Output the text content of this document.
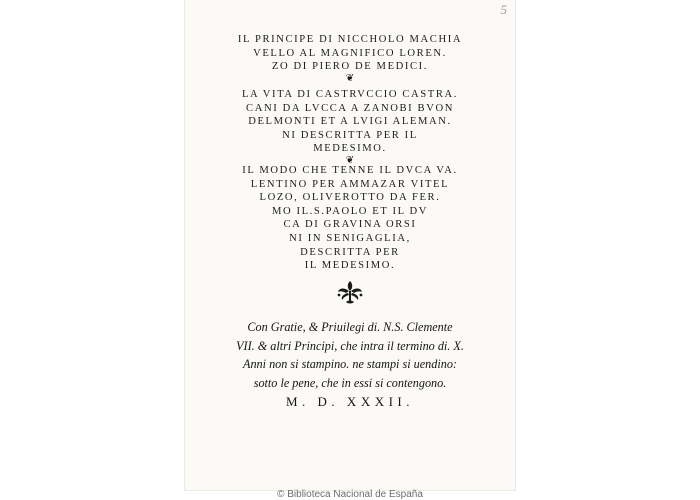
5
IL PRINCIPE DI NICCHOLO MACHIA
VELLO AL MAGNIFICO LOREN.
ZO DI PIERO DE MEDICI.
❦
LA VITA DI CASTRVCCIO CASTRA.
CANI DA LVCCA A ZANOBI BVON
DELMONTI ET A LVIGI ALEMAN.
NI DESCRITTA PER IL
MEDESIMO.
❦
IL MODO CHE TENNE IL DVCA VA.
LENTINO PER AMMAZAR VITEL
LOZO, OLIVEROTTO DA FER.
MO IL.S.PAOLO ET IL DV
CA DI GRAVINA ORSI
NI IN SENIGAGLIA,
DESCRITTA PER
IL MEDESIMO.
Con Gratie, & Priuilegi di. N.S. Clemente
VII. & altri Principi, che intra il termino di. X.
Anni non si stampino. ne stampi si uendino:
sotto le pene, che in essi si contengono.
M. D. XXXII.
© Biblioteca Nacional de España
